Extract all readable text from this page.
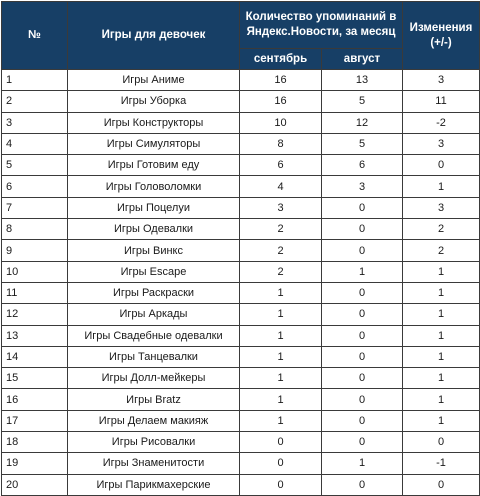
№	Игры для девочек	Количество упоминаний в Яндекс.Новости, за месяц		Изменения (+/-)
		сентябрь	август	
1	Игры Аниме	16	13	3
2	Игры Уборка	16	5	11
3	Игры Конструкторы	10	12	-2
4	Игры Симуляторы	8	5	3
5	Игры Готовим еду	6	6	0
6	Игры Головоломки	4	3	1
7	Игры Поцелуи	3	0	3
8	Игры Одевалки	2	0	2
9	Игры Винкс	2	0	2
10	Игры Escape	2	1	1
11	Игры Раскраски	1	0	1
12	Игры Аркады	1	0	1
13	Игры Свадебные одевалки	1	0	1
14	Игры Танцевалки	1	0	1
15	Игры Долл-мейкеры	1	0	1
16	Игры Bratz	1	0	1
17	Игры Делаем макияж	1	0	1
18	Игры Рисовалки	0	0	0
19	Игры Знаменитости	0	1	-1
20	Игры Парикмахерские	0	0	0
